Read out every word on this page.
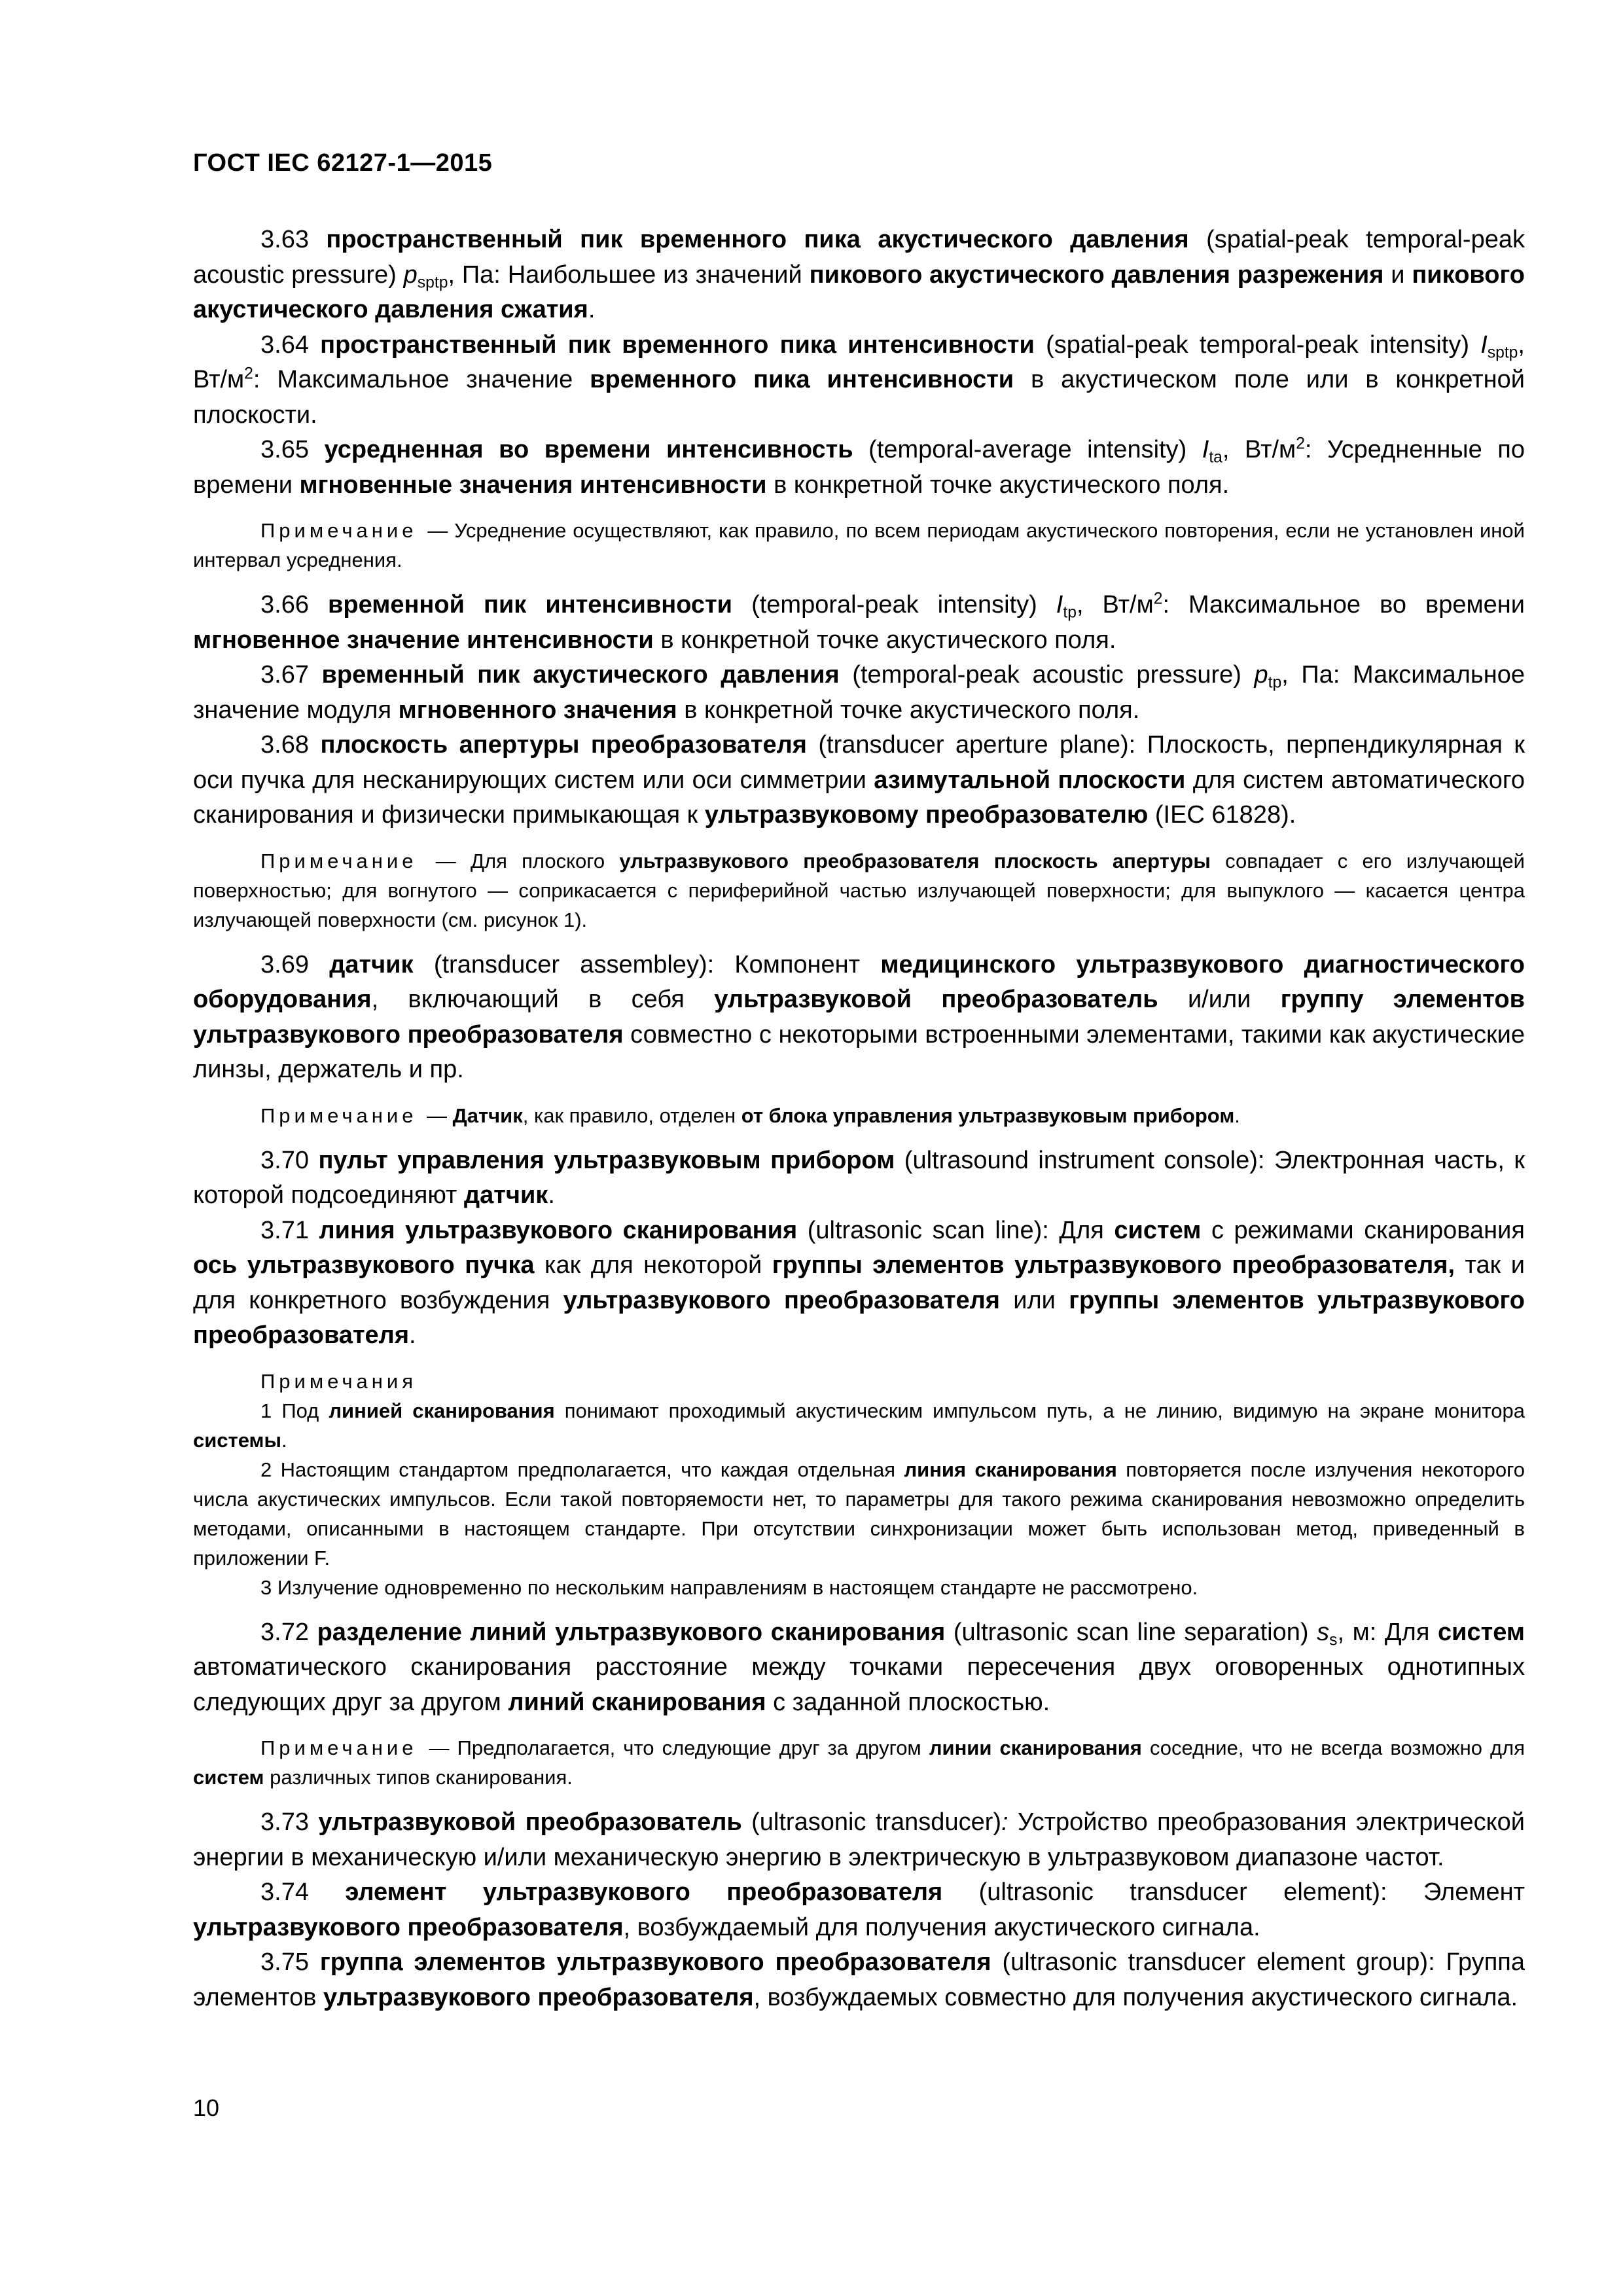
ГОСТ IEC 62127-1—2015

3.63 пространственный пик временного пика акустического давления (spatial-peak temporal-peak acoustic pressure) $p_{sptp}$, Па: Наибольшее из значений пикового акустического давления разрежения и пикового акустического давления сжатия.

3.64 пространственный пик временного пика интенсивности (spatial-peak temporal-peak intensity) $I_{sptp}$, $Вт/м^2$: Максимальное значение временного пика интенсивности в акустическом поле или в конкретной плоскости.

3.65 усредненная во времени интенсивность (temporal-average intensity) $I_{ta}$, $Вт/м^2$: Усредненные по времени мгновенные значения интенсивности в конкретной точке акустического поля.

Примечание — Усреднение осуществляют, как правило, по всем периодам акустического повторения, если не установлен иной интервал усреднения.

3.66 временной пик интенсивности (temporal-peak intensity) $I_{tp}$, $Вт/м^2$: Максимальное во времени мгновенное значение интенсивности в конкретной точке акустического поля.

3.67 временный пик акустического давления (temporal-peak acoustic pressure) $p_{tp}$, Па: Максимальное значение модуля мгновенного значения в конкретной точке акустического поля.

3.68 плоскость апертуры преобразователя (transducer aperture plane): Плоскость, перпендикулярная к оси пучка для несканирующих систем или оси симметрии азимутальной плоскости для систем автоматического сканирования и физически примыкающая к ультразвуковому преобразователю (IEC 61828).

Примечание — Для плоского ультразвукового преобразователя плоскость апертуры совпадает с его излучающей поверхностью; для вогнутого — соприкасается с периферийной частью излучающей поверхности; для выпуклого — касается центра излучающей поверхности (см. рисунок 1).

3.69 датчик (transducer assembley): Компонент медицинского ультразвукового диагностического оборудования, включающий в себя ультразвуковой преобразователь и/или группу элементов ультразвукового преобразователя совместно с некоторыми встроенными элементами, такими как акустические линзы, держатель и пр.

Примечание — Датчик, как правило, отделен от блока управления ультразвуковым прибором.

3.70 пульт управления ультразвуковым прибором (ultrasound instrument console): Электронная часть, к которой подсоединяют датчик.

3.71 линия ультразвукового сканирования (ultrasonic scan line): Для систем с режимами сканирования ось ультразвукового пучка как для некоторой группы элементов ультразвукового преобразователя, так и для конкретного возбуждения ультразвукового преобразователя или группы элементов ультразвукового преобразователя.

Примечания

1 Под линией сканирования понимают проходимый акустическим импульсом путь, а не линию, видимую на экране монитора системы.

2 Настоящим стандартом предполагается, что каждая отдельная линия сканирования повторяется после излучения некоторого числа акустических импульсов. Если такой повторяемости нет, то параметры для такого режима сканирования невозможно определить методами, описанными в настоящем стандарте. При отсутствии синхронизации может быть использован метод, приведенный в приложении F.

3 Излучение одновременно по нескольким направлениям в настоящем стандарте не рассмотрено.

3.72 разделение линий ультразвукового сканирования (ultrasonic scan line separation) $s_s$, м: Для систем автоматического сканирования расстояние между точками пересечения двух оговоренных однотипных следующих друг за другом линий сканирования с заданной плоскостью.

Примечание — Предполагается, что следующие друг за другом линии сканирования соседние, что не всегда возможно для систем различных типов сканирования.

3.73 ультразвуковой преобразователь (ultrasonic transducer): Устройство преобразования электрической энергии в механическую и/или механическую энергию в электрическую в ультразвуковом диапазоне частот.

3.74 элемент ультразвукового преобразователя (ultrasonic transducer element): Элемент ультразвукового преобразователя, возбуждаемый для получения акустического сигнала.

3.75 группа элементов ультразвукового преобразователя (ultrasonic transducer element group): Группа элементов ультразвукового преобразователя, возбуждаемых совместно для получения акустического сигнала.

10
